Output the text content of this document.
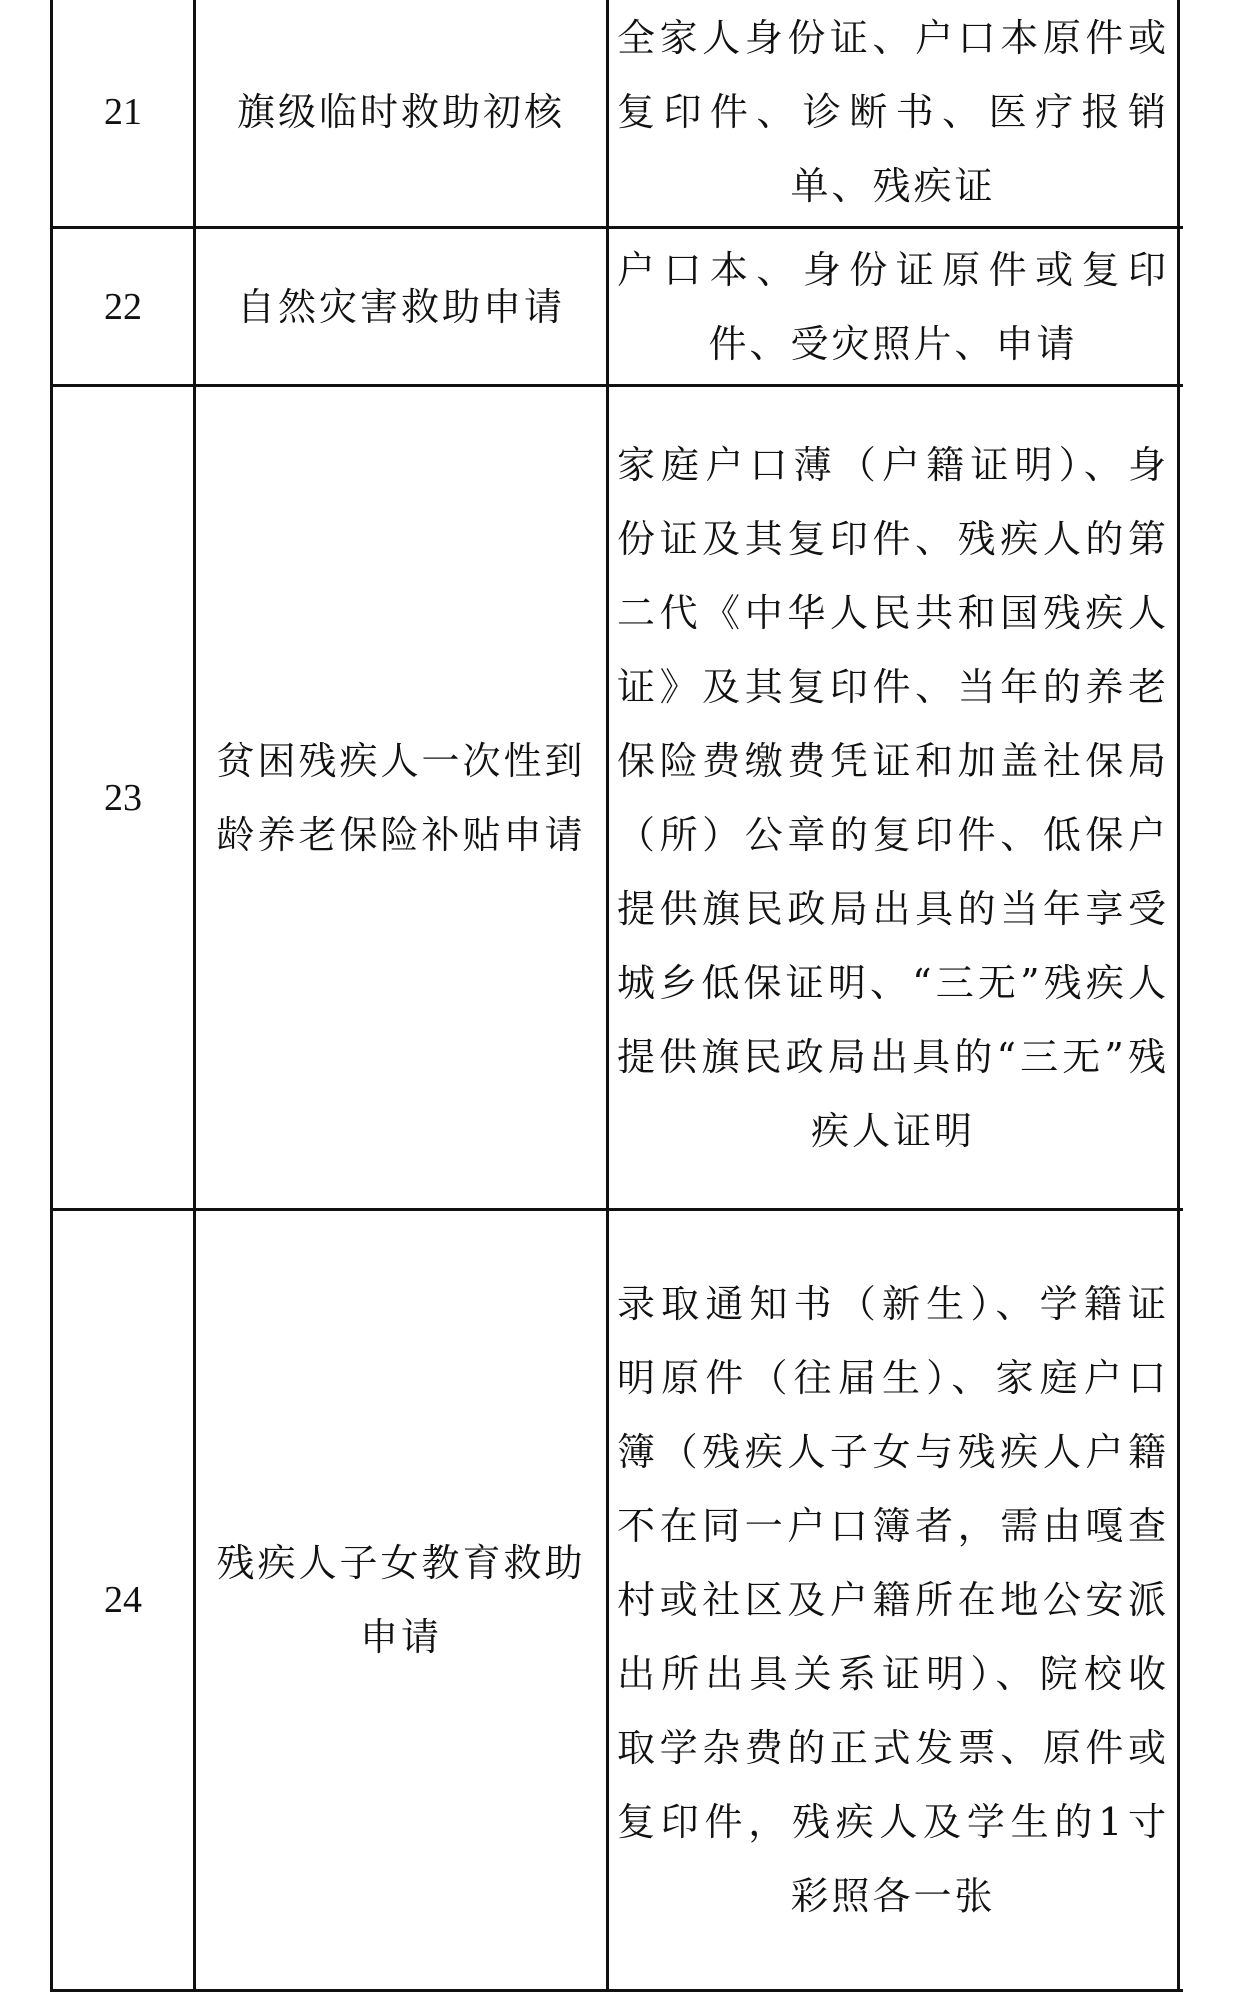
21	旗级临时救助初核
全家人身份证、户口本原件或复印件、诊断书、医疗报销单、残疾证
22	自然灾害救助申请
户口本、身份证原件或复印件、受灾照片、申请
23
贫困残疾人一次性到龄养老保险补贴申请
家庭户口薄（户籍证明）、身份证及其复印件、残疾人的第二代《中华人民共和国残疾人证》及其复印件、当年的养老保险费缴费凭证和加盖社保局（所）公章的复印件、低保户提供旗民政局出具的当年享受城乡低保证明、“三无”残疾人提供旗民政局出具的“三无”残疾人证明
24
残疾人子女教育救助申请
录取通知书（新生）、学籍证明原件（往届生）、家庭户口簿（残疾人子女与残疾人户籍不在同一户口簿者，需由嘎查村或社区及户籍所在地公安派出所出具关系证明）、院校收取学杂费的正式发票、原件或复印件，残疾人及学生的1寸彩照各一张
